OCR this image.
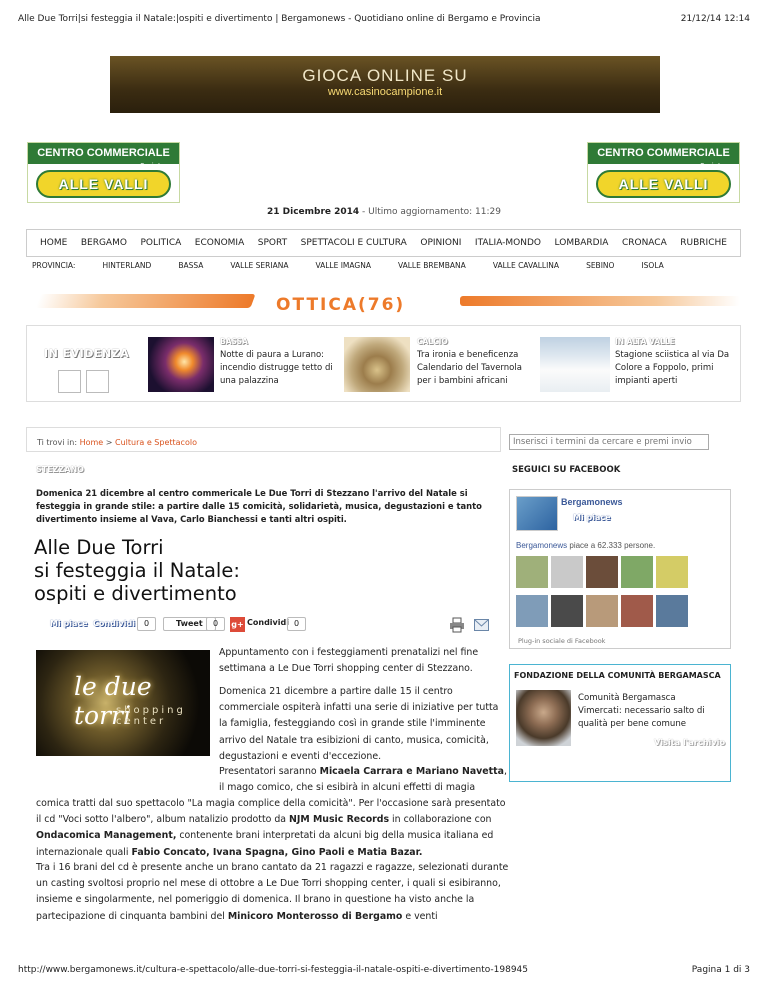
Alle Due Torri|si festeggia il Natale:|ospiti e divertimento | Bergamonews - Quotidiano online di Bergamo e Provincia	21/12/14 12:14
GIOCA ONLINE SU
www.casinocampione.it
CENTRO COMMERCIALE
Seriate
ALLE VALLI
CENTRO COMMERCIALE
Seriate
ALLE VALLI
21 Dicembre 2014 - Ultimo aggiornamento: 11:29
HOME BERGAMO POLITICA ECONOMIA SPORT SPETTACOLI E CULTURA OPINIONI ITALIA-MONDO LOMBARDIA CRONACA RUBRICHE
PROVINCIA:	HINTERLAND	BASSA	VALLE SERIANA	VALLE IMAGNA	VALLE BREMBANA	VALLE CAVALLINA	SEBINO	ISOLA
OTTICA(76)
IN EVIDENZA
BASSA
Notte di paura a Lurano: incendio distrugge tetto di una palazzina
CALCIO
Tra ironia e beneficenza Calendario del Tavernola per i bambini africani
IN ALTA VALLE
Stagione sciistica al via Da Colore a Foppolo, primi impianti aperti
Ti trovi in: Home > Cultura e Spettacolo
Inserisci i termini da cercare e premi invio
STEZZANO
Domenica 21 dicembre al centro commericale Le Due Torri di Stezzano l'arrivo del Natale si festeggia in grande stile: a partire dalle 15 comicità, solidarietà, musica, degustazioni e tanto divertimento insieme al Vava, Carlo Bianchessi e tanti altri ospiti.
Alle Due Torri
si festeggia il Natale:
ospiti e divertimento
Mi piace Condividi	0	Tweet	0	g+ Condividi 0
le due torri
shopping center

Appuntamento con i festeggiamenti prenatalizi nel fine settimana a Le Due Torri shopping center di Stezzano.

Domenica 21 dicembre a partire dalle 15 il centro commerciale ospiterà infatti una serie di iniziative per tutta la famiglia, festeggiando così in grande stile l'imminente arrivo del Natale tra esibizioni di canto, musica, comicità, degustazioni e eventi d'eccezione.

Presentatori saranno Micaela Carrara e Mariano Navetta, il mago comico, che si esibirà in alcuni effetti di magia

comica tratti dal suo spettacolo "La magia complice della comicità". Per l'occasione sarà presentato il cd "Voci sotto l'albero", album natalizio prodotto da NJM Music Records in collaborazione con Ondacomica Management, contenente brani interpretati da alcuni big della musica italiana ed internazionale quali Fabio Concato, Ivana Spagna, Gino Paoli e Matia Bazar.

Tra i 16 brani del cd è presente anche un brano cantato da 21 ragazzi e ragazze, selezionati durante un casting svoltosi proprio nel mese di ottobre a Le Due Torri shopping center, i quali si esibiranno, insieme e singolarmente, nel pomeriggio di domenica. Il brano in questione ha visto anche la partecipazione di cinquanta bambini del Minicoro Monterosso di Bergamo e venti

SEGUICI SU FACEBOOK
Bergamonews
Mi piace
Bergamonews piace a 62.333 persone.
Plug-in sociale di Facebook
FONDAZIONE DELLA COMUNITÀ BERGAMASCA
Comunità Bergamasca Vimercati: necessario salto di qualità per bene comune
Visita l'archivio
http://www.bergamonews.it/cultura-e-spettacolo/alle-due-torri-si-festeggia-il-natale-ospiti-e-divertimento-198945	Pagina 1 di 3
